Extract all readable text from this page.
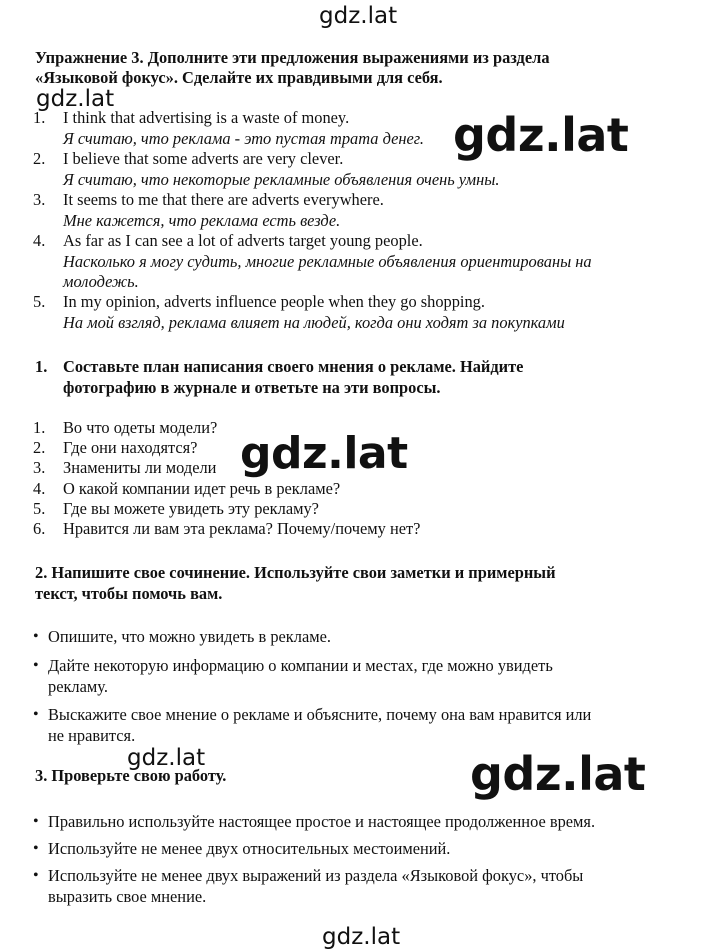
gdz.lat
gdz.lat
gdz.lat
gdz.lat
gdz.lat	gdz.lat
gdz.lat
Упражнение 3. Дополните эти предложения выражениями из раздела
«Языковой фокус». Сделайте их правдивыми для себя.
1. I think that advertising is a waste of money.
Я считаю, что реклама - это пустая трата денег.
2. I believe that some adverts are very clever.
Я считаю, что некоторые рекламные объявления очень умны.
3. It seems to me that there are adverts everywhere.
Мне кажется, что реклама есть везде.
4. As far as I can see a lot of adverts target young people.
Насколько я могу судить, многие рекламные объявления ориентированы на
молодежь.
5. In my opinion, adverts influence people when they go shopping.
На мой взгляд, реклама влияет на людей, когда они ходят за покупками
1. Составьте план написания своего мнения о рекламе. Найдите
фотографию в журнале и ответьте на эти вопросы.
1. Во что одеты модели?
2. Где они находятся?
3. Знамениты ли модели
4. О какой компании идет речь в рекламе?
5. Где вы можете увидеть эту рекламу?
6. Нравится ли вам эта реклама? Почему/почему нет?
2. Напишите свое сочинение. Используйте свои заметки и примерный
текст, чтобы помочь вам.
• Опишите, что можно увидеть в рекламе.
• Дайте некоторую информацию о компании и местах, где можно увидеть
рекламу.
• Выскажите свое мнение о рекламе и объясните, почему она вам нравится или
не нравится.
3. Проверьте свою работу.
• Правильно используйте настоящее простое и настоящее продолженное время.
• Используйте не менее двух относительных местоимений.
• Используйте не менее двух выражений из раздела «Языковой фокус», чтобы
выразить свое мнение.
